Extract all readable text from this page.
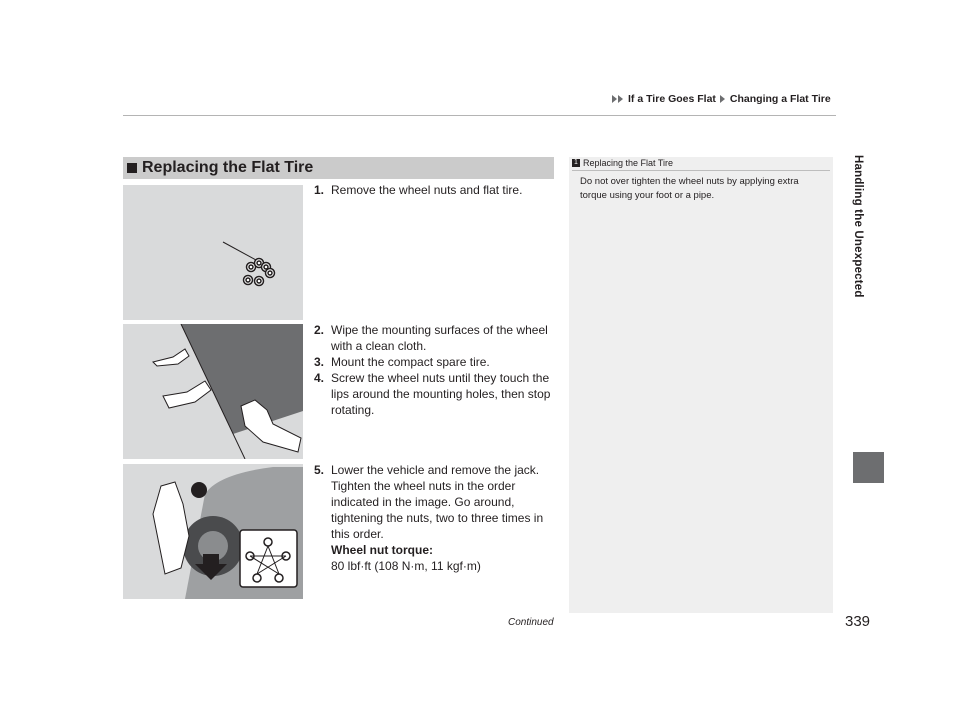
If a Tire Goes Flat Changing a Flat Tire
Handling the Unexpected
Replacing the Flat Tire
1. Remove the wheel nuts and flat tire.
2. Wipe the mounting surfaces of the wheel
with a clean cloth.
3. Mount the compact spare tire.
4. Screw the wheel nuts until they touch the
lips around the mounting holes, then stop
rotating.
5. Lower the vehicle and remove the jack.
Tighten the wheel nuts in the order
indicated in the image. Go around,
tightening the nuts, two to three times in
this order.
Wheel nut torque:
80 lbf·ft (108 N·m, 11 kgf·m)
1 Replacing the Flat Tire
Do not over tighten the wheel nuts by applying extra
torque using your foot or a pipe.
Continued	339
